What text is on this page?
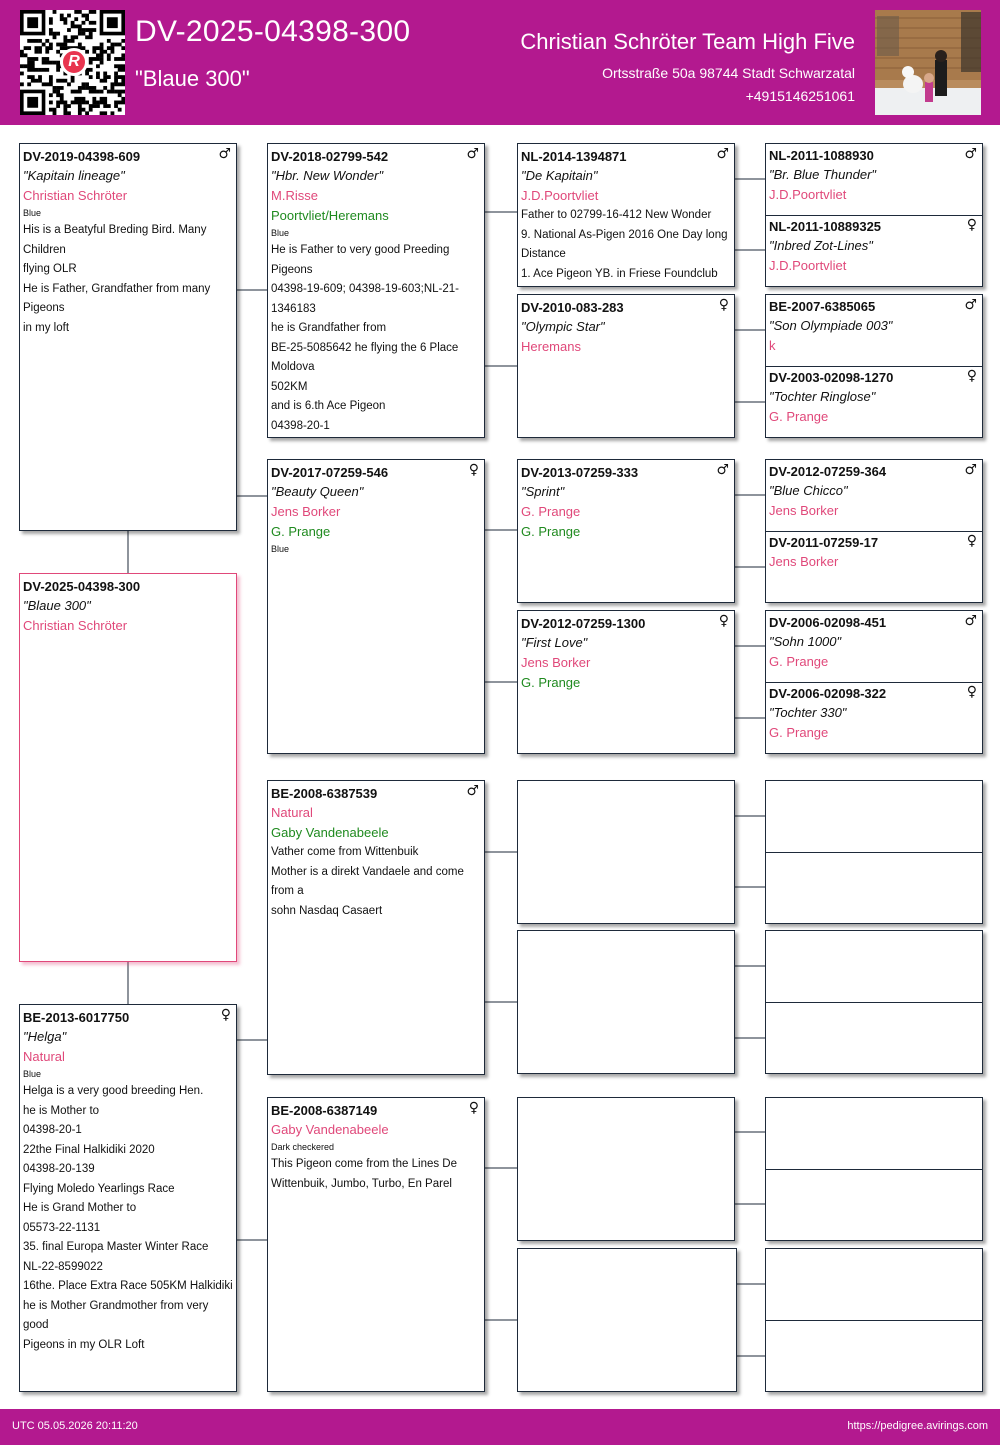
R
DV-2025-04398-300
"Blaue 300"
Christian Schröter Team High Five
Ortsstraße 50a 98744 Stadt Schwarzatal
+4915146251061
DV-2019-04398-609	♂
"Kapitain lineage"
Christian Schröter
Blue
His is a Beatyful Breding Bird. Many Children
flying OLR
He is Father, Grandfather from many Pigeons
in my loft
DV-2025-04398-300
"Blaue 300"
Christian Schröter
BE-2013-6017750	♀
"Helga"
Natural
Blue
Helga is a very good breeding Hen.
he is Mother to
04398-20-1
22the Final Halkidiki 2020
04398-20-139
Flying Moledo Yearlings Race
He is Grand Mother to
05573-22-1131
35. final Europa Master Winter Race
NL-22-8599022
16the. Place Extra Race 505KM Halkidiki
he is Mother Grandmother from very good
Pigeons in my OLR Loft
DV-2018-02799-542	♂
"Hbr. New Wonder"
M.Risse
Poortvliet/Heremans
Blue
He is Father to very good Preeding Pigeons
04398-19-609; 04398-19-603;NL-21-1346183
he is Grandfather from
BE-25-5085642 he flying the 6 Place Moldova
502KM
and is 6.th Ace Pigeon
04398-20-1
DV-2017-07259-546	♀
"Beauty Queen"
Jens Borker
G. Prange
Blue
BE-2008-6387539	♂
Natural
Gaby Vandenabeele
Vather come from Wittenbuik
Mother is a direkt Vandaele and come from a
sohn Nasdaq Casaert
BE-2008-6387149	♀
Gaby Vandenabeele
Dark checkered
This Pigeon come from the Lines De
Wittenbuik, Jumbo, Turbo, En Parel
NL-2014-1394871	♂
"De Kapitain"
J.D.Poortvliet
Father to 02799-16-412 New Wonder
9. National As-Pigen 2016 One Day long
Distance
1. Ace Pigeon YB. in Friese Foundclub
DV-2010-083-283	♀
"Olympic Star"
Heremans
DV-2013-07259-333	♂
"Sprint"
G. Prange
G. Prange
DV-2012-07259-1300	♀
"First Love"
Jens Borker
G. Prange
NL-2011-1088930
"Br. Blue Thunder"
J.D.Poortvliet
♂
NL-2011-10889325
"Inbred Zot-Lines"
J.D.Poortvliet
♀
BE-2007-6385065
"Son Olympiade 003"
k
♂
DV-2003-02098-1270
"Tochter Ringlose"
G. Prange
♀
DV-2012-07259-364
"Blue Chicco"
Jens Borker
♂
DV-2011-07259-17
Jens Borker
♀
DV-2006-02098-451
"Sohn 1000"
G. Prange
♂
DV-2006-02098-322
"Tochter 330"
G. Prange
♀
UTC 05.05.2026 20:11:20	https://pedigree.avirings.com
